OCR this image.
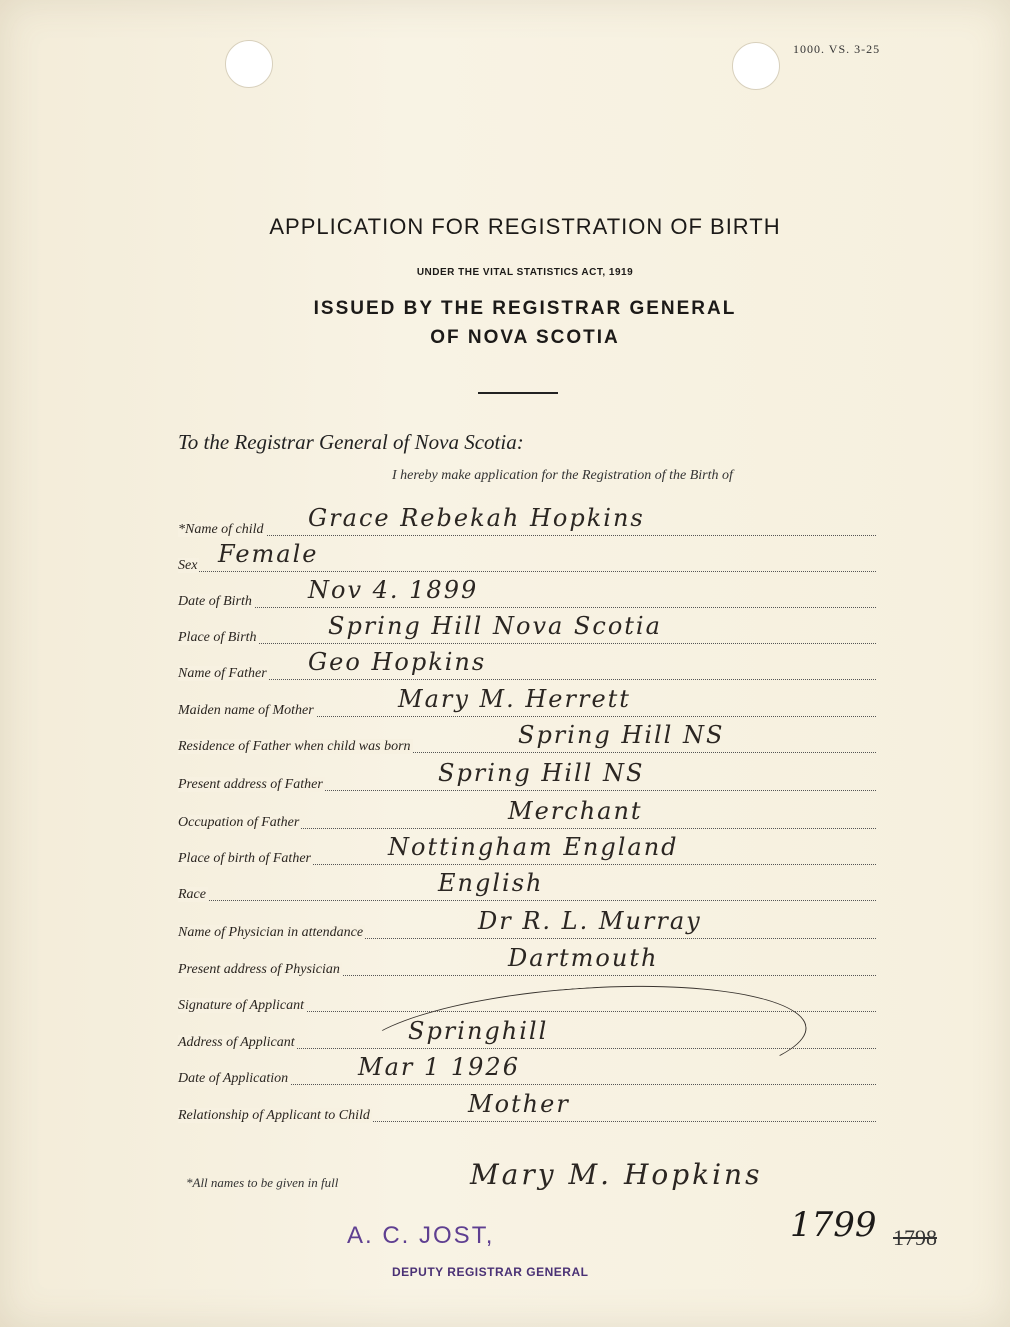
1000. VS. 3-25
APPLICATION FOR REGISTRATION OF BIRTH
UNDER THE VITAL STATISTICS ACT, 1919
ISSUED BY THE REGISTRAR GENERAL
OF NOVA SCOTIA
To the Registrar General of Nova Scotia:
I hereby make application for the Registration of the Birth of
*Name of child Grace Rebekah Hopkins
Sex Female
Date of Birth Nov 4. 1899
Place of Birth	Spring Hill Nova Scotia
Name of Father Geo Hopkins
Maiden name of Mother	Mary M. Herrett
Residence of Father when child was born	Spring Hill NS
Present address of Father	Spring Hill NS
Occupation of Father	Merchant
Place of birth of Father	Nottingham England
Race	English
Name of Physician in attendance	Dr R. L. Murray
Present address of Physician	Dartmouth
Signature of Applicant
Address of Applicant	Springhill
Date of Application	Mar 1 1926
Relationship of Applicant to Child	Mother
*All names to be given in full	Mary M. Hopkins
A. C. JOST,
DEPUTY REGISTRAR GENERAL
1799 1798
